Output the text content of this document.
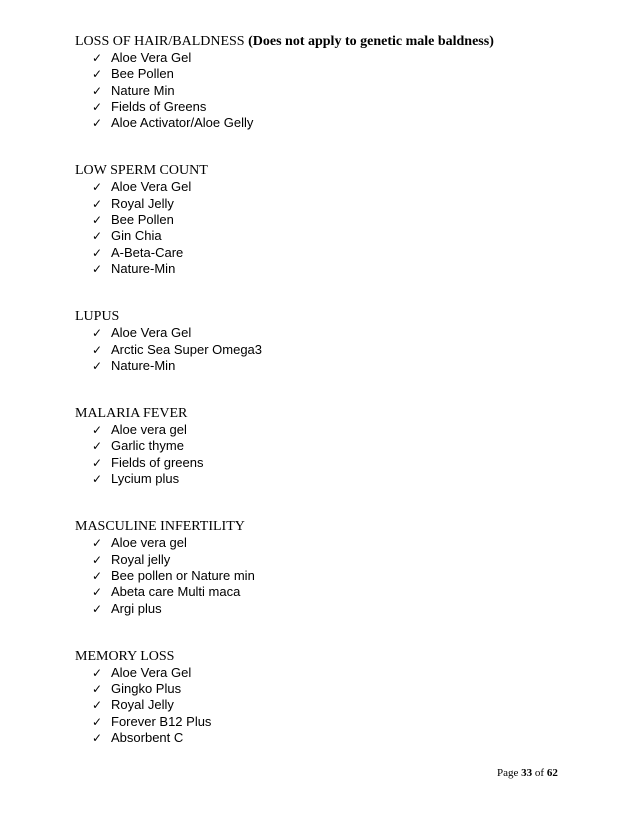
LOSS OF HAIR/BALDNESS (Does not apply to genetic male baldness)
✓ Aloe Vera Gel
✓ Bee Pollen
✓ Nature Min
✓ Fields of Greens
✓ Aloe Activator/Aloe Gelly
LOW SPERM COUNT
✓ Aloe Vera Gel
✓ Royal Jelly
✓ Bee Pollen
✓ Gin Chia
✓ A-Beta-Care
✓ Nature-Min
LUPUS
✓ Aloe Vera Gel
✓ Arctic Sea Super Omega3
✓ Nature-Min
MALARIA FEVER
✓ Aloe vera gel
✓ Garlic thyme
✓ Fields of greens
✓ Lycium plus
MASCULINE INFERTILITY
✓ Aloe vera gel
✓ Royal jelly
✓ Bee pollen or Nature min
✓ Abeta care Multi maca
✓ Argi plus
MEMORY LOSS
✓ Aloe Vera Gel
✓ Gingko Plus
✓ Royal Jelly
✓ Forever B12 Plus
✓ Absorbent C
Page 33 of 62
